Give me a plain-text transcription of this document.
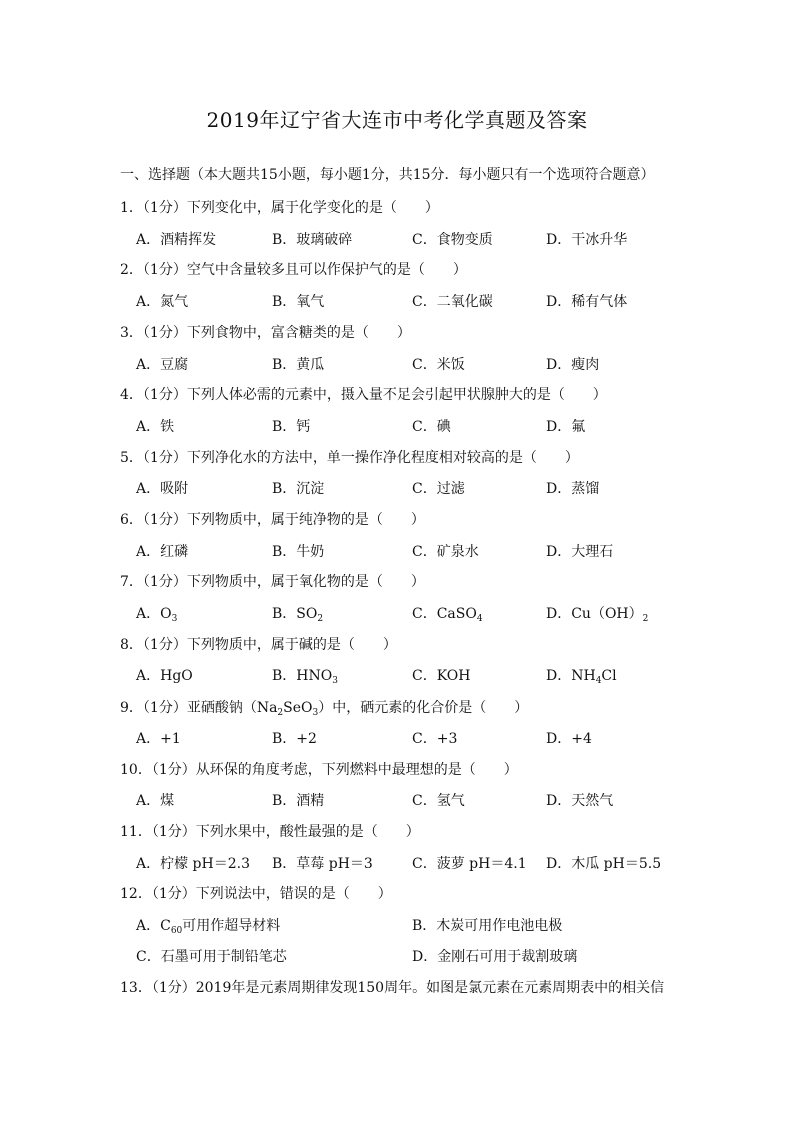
2019年辽宁省大连市中考化学真题及答案
一、选择题（本大题共15小题，每小题1分，共15分．每小题只有一个选项符合题意）
1．（1分）下列变化中，属于化学变化的是（　　）
A．酒精挥发	B．玻璃破碎	C．食物变质	D．干冰升华
2．（1分）空气中含量较多且可以作保护气的是（　　）
A．氮气	B．氧气	C．二氧化碳	D．稀有气体
3．（1分）下列食物中，富含糖类的是（　　）
A．豆腐	B．黄瓜	C．米饭	D．瘦肉
4．（1分）下列人体必需的元素中，摄入量不足会引起甲状腺肿大的是（　　）
A．铁	B．钙	C．碘	D．氟
5．（1分）下列净化水的方法中，单一操作净化程度相对较高的是（　　）
A．吸附	B．沉淀	C．过滤	D．蒸馏
6．（1分）下列物质中，属于纯净物的是（　　）
A．红磷	B．牛奶	C．矿泉水	D．大理石
7．（1分）下列物质中，属于氧化物的是（　　）
A．$O_3$	B．$SO_2$	C．CaSO$_4$	D．$Cu(OH)_2$
8．（1分）下列物质中，属于碱的是（　　）
A．HgO	B．$HNO_3$	C．KOH	D．$NH_4Cl$
9．（1分）亚硒酸钠$(Na_2SeO_3)$中，硒元素的化合价是（　　）
A．+1	B．+2	C．+3	D．+4
10．（1分）从环保的角度考虑，下列燃料中最理想的是（　　）
A．煤	B．酒精	C．氢气	D．天然气
11．（1分）下列水果中，酸性最强的是（　　）
A．柠檬 pH＝2.3 B．草莓 pH＝3	C．菠萝 pH＝4.1 D．木瓜 pH＝5.5
12．（1分）下列说法中，错误的是（　　）
A．$C_{60}$可用作超导材料	B．木炭可用作电池电极
C．石墨可用于制铅笔芯	D．金刚石可用于裁割玻璃
13．（1分）2019年是元素周期律发现150周年。如图是氯元素在元素周期表中的相关信
